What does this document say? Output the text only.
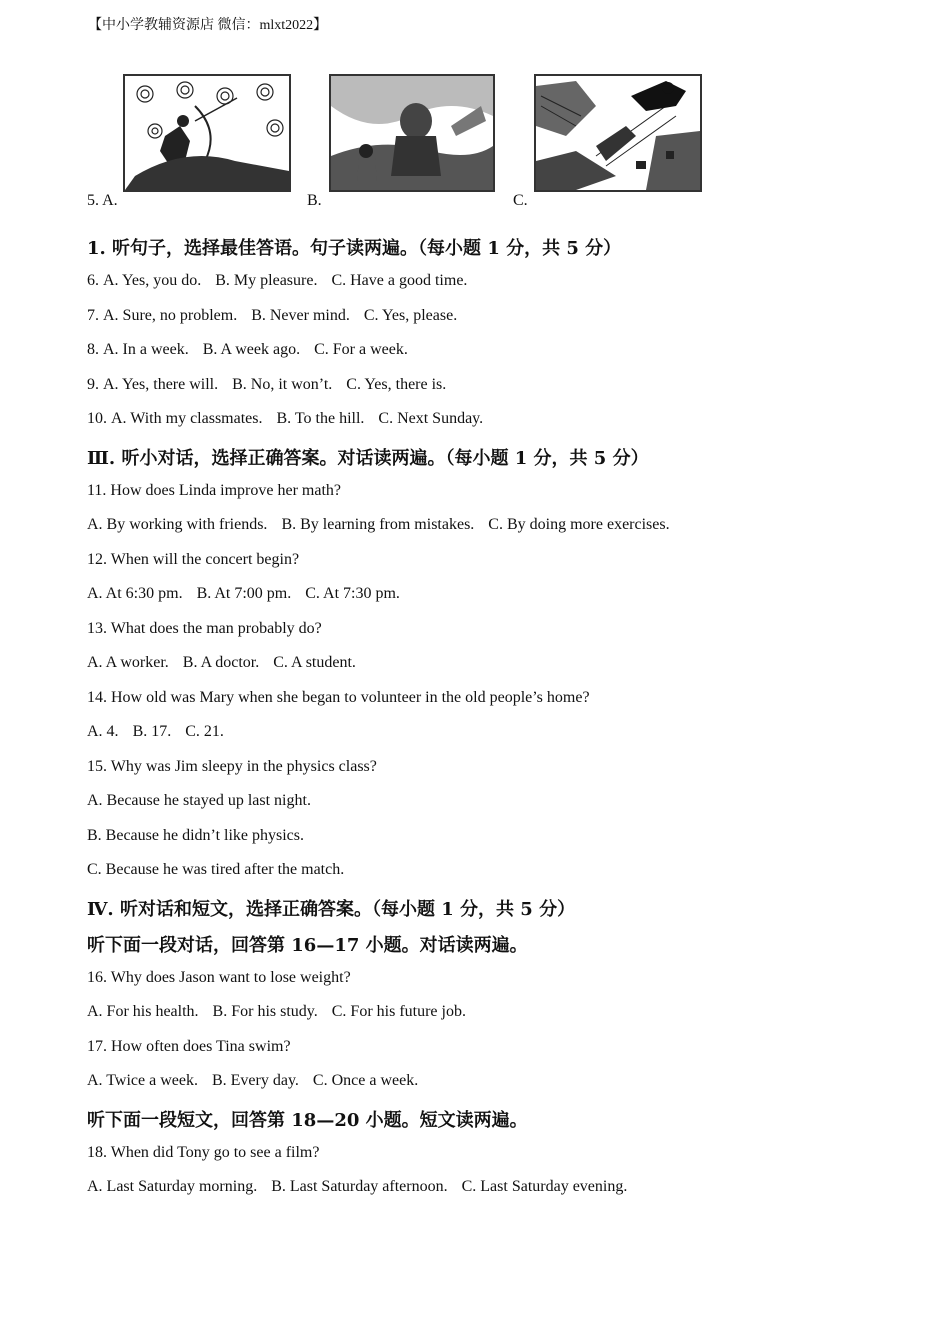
【中小学教辅资源店 微信：mlxt2022】
5. A.	B.	C.
1. 听句子，选择最佳答语。句子读两遍。（每小题 1 分，共 5 分）
6. A. Yes, you do. B. My pleasure. C. Have a good time.
7. A. Sure, no problem. B. Never mind. C. Yes, please.
8. A. In a week. B. A week ago. C. For a week.
9. A. Yes, there will. B. No, it won’t. C. Yes, there is.
10. A. With my classmates. B. To the hill. C. Next Sunday.
Ⅲ. 听小对话，选择正确答案。对话读两遍。（每小题 1 分，共 5 分）
11. How does Linda improve her math?
A. By working with friends. B. By learning from mistakes. C. By doing more exercises.
12. When will the concert begin?
A. At 6:30 pm. B. At 7:00 pm. C. At 7:30 pm.
13. What does the man probably do?
A. A worker. B. A doctor. C. A student.
14. How old was Mary when she began to volunteer in the old people’s home?
A. 4. B. 17. C. 21.
15. Why was Jim sleepy in the physics class?
A. Because he stayed up last night.
B. Because he didn’t like physics.
C. Because he was tired after the match.
Ⅳ. 听对话和短文，选择正确答案。（每小题 1 分，共 5 分）
听下面一段对话，回答第 16—17 小题。对话读两遍。
16. Why does Jason want to lose weight?
A. For his health. B. For his study. C. For his future job.
17. How often does Tina swim?
A. Twice a week. B. Every day. C. Once a week.
听下面一段短文，回答第 18—20 小题。短文读两遍。
18. When did Tony go to see a film?
A. Last Saturday morning. B. Last Saturday afternoon. C. Last Saturday evening.
